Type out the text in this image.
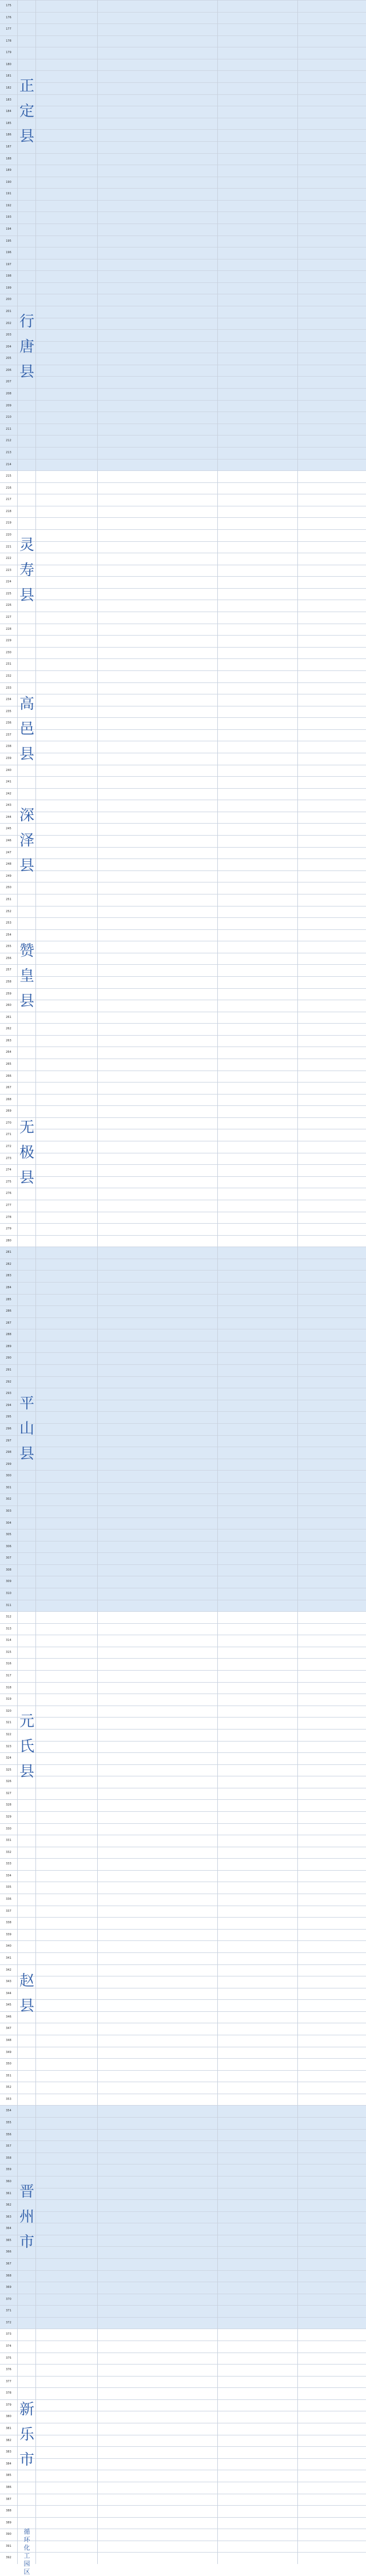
175
176
177
178
179
180
181
182
183
184
185
186
187
188
189
190
191
192
193
194
195
196
197
198
199
200
201
202
203
204
205
206
207
208
209
210
211
212
213
214
215
216
217
218
219
220
221
222
223
224
225
226
227
228
229
230
231
232
233
234
235
236
237
238
239
240
241
242
243
244
245
246
247
248
249
250
251
252
253
254
255
256
257
258
259
260
261
262
263
264
265
266
267
268
269
270
271
272
273
274
275
276
277
278
279
280
281
282
283
284
285
286
287
288
289
290
291
292
293
294
295
296
297
298
299
300
301
302
303
304
305
306
307
308
309
310
311
312
313
314
315
316
317
318
319
320
321
322
323
324
325
326
327
328
329
330
331
332
333
334
335
336
337
338
339
340
341
342
343
344
345
346
347
348
349
350
351
352
353
354
355
356
357
358
359
360
361
362
363
364
365
366
367
368
369
370
371
372
373
374
375
376
377
378
379
380
381
382
383
384
385
386
387
388
389
390
391
392
正
定
县
行
唐
县
灵
寿
县
高
邑
县
深
泽
县
赞
皇
县
无
极
县
平
山
县
元
氏
县
赵
县
晋
州
市
新
乐
市
循
环
化
工
园
区
